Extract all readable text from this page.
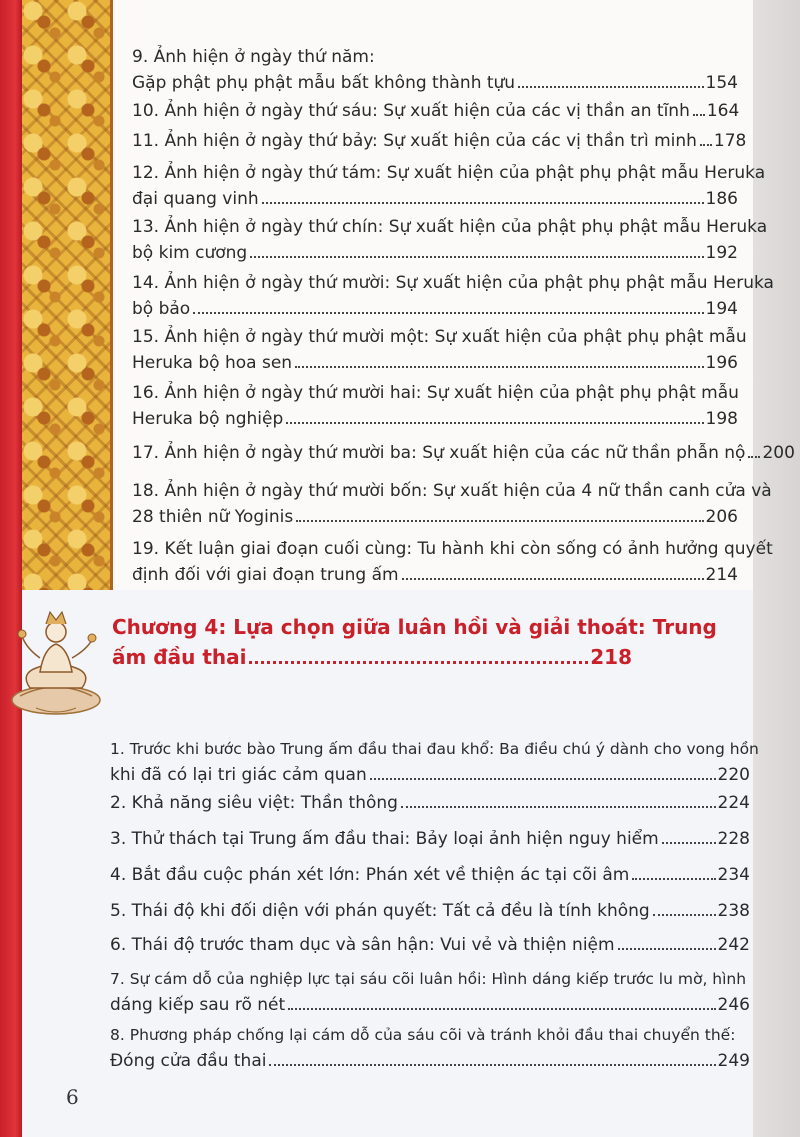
9. Ảnh hiện ở ngày thứ năm:
Gặp phật phụ phật mẫu bất không thành tựu	154
10. Ảnh hiện ở ngày thứ sáu: Sự xuất hiện của các vị thần an tĩnh 164
11. Ảnh hiện ở ngày thứ bảy: Sự xuất hiện của các vị thần trì minh 178
12. Ảnh hiện ở ngày thứ tám: Sự xuất hiện của phật phụ phật mẫu Heruka
đại quang vinh	186
13. Ảnh hiện ở ngày thứ chín: Sự xuất hiện của phật phụ phật mẫu Heruka
bộ kim cương	192
14. Ảnh hiện ở ngày thứ mười: Sự xuất hiện của phật phụ phật mẫu Heruka
bộ bảo	194
15. Ảnh hiện ở ngày thứ mười một: Sự xuất hiện của phật phụ phật mẫu
Heruka bộ hoa sen	196
16. Ảnh hiện ở ngày thứ mười hai: Sự xuất hiện của phật phụ phật mẫu
Heruka bộ nghiệp	198
17. Ảnh hiện ở ngày thứ mười ba: Sự xuất hiện của các nữ thần phẫn nộ 200
18. Ảnh hiện ở ngày thứ mười bốn: Sự xuất hiện của 4 nữ thần canh cửa và
28 thiên nữ Yoginis	206
19. Kết luận giai đoạn cuối cùng: Tu hành khi còn sống có ảnh hưởng quyết
định đối với giai đoạn trung ấm	214
Chương 4: Lựa chọn giữa luân hồi và giải thoát: Trung
ấm đầu thai	218
1. Trước khi bước bào Trung ấm đầu thai đau khổ: Ba điều chú ý dành cho vong hồn
khi đã có lại tri giác cảm quan	220
2. Khả năng siêu việt: Thần thông	224
3. Thử thách tại Trung ấm đầu thai: Bảy loại ảnh hiện nguy hiểm	228
4. Bắt đầu cuộc phán xét lớn: Phán xét về thiện ác tại cõi âm	234
5. Thái độ khi đối diện với phán quyết: Tất cả đều là tính không	238
6. Thái độ trước tham dục và sân hận: Vui vẻ và thiện niệm	242
7. Sự cám dỗ của nghiệp lực tại sáu cõi luân hồi: Hình dáng kiếp trước lu mờ, hình
dáng kiếp sau rõ nét	246
8. Phương pháp chống lại cám dỗ của sáu cõi và tránh khỏi đầu thai chuyển thế:
Đóng cửa đầu thai	249
6
